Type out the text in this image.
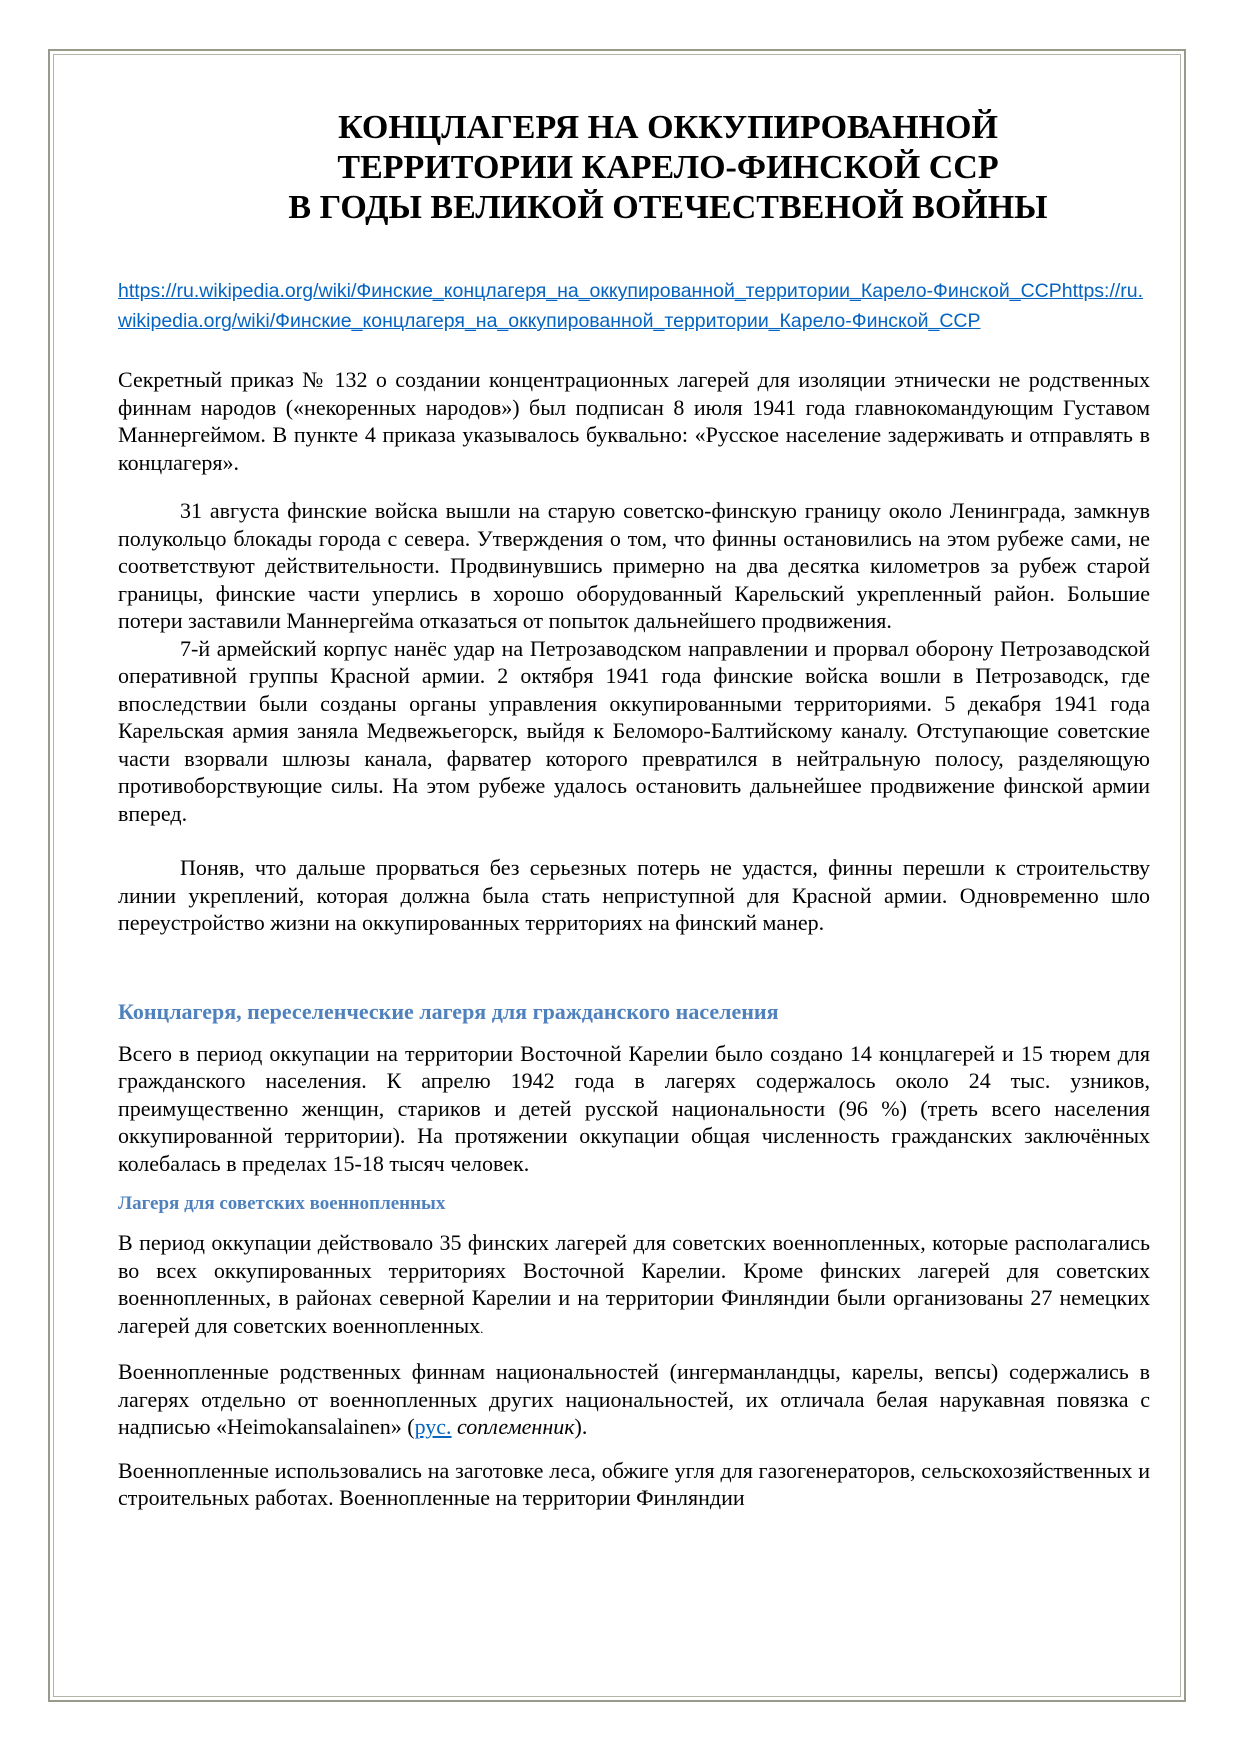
КОНЦЛАГЕРЯ НА ОККУПИРОВАННОЙ
ТЕРРИТОРИИ КАРЕЛО-ФИНСКОЙ ССР
В ГОДЫ ВЕЛИКОЙ ОТЕЧЕСТВЕНОЙ ВОЙНЫ
https://ru.wikipedia.org/wiki/Финские_концлагеря_на_оккупированной_территории_Карело-Финской_ССРhttps://ru.wikipedia.org/wiki/Финские_концлагеря_на_оккупированной_территории_Карело-Финской_ССР

Секретный приказ № 132 о создании концентрационных лагерей для изоляции этнически не родственных финнам народов («некоренных народов») был подписан 8 июля 1941 года главнокомандующим Густавом Маннергеймом. В пункте 4 приказа указывалось буквально: «Русское население задерживать и отправлять в концлагеря».

31 августа финские войска вышли на старую советско-финскую границу около Ленинграда, замкнув полукольцо блокады города с севера. Утверждения о том, что финны остановились на этом рубеже сами, не соответствуют действительности. Продвинувшись примерно на два десятка километров за рубеж старой границы, финские части уперлись в хорошо оборудованный Карельский укрепленный район. Большие потери заставили Маннергейма отказаться от попыток дальнейшего продвижения.

7-й армейский корпус нанёс удар на Петрозаводском направлении и прорвал оборону Петрозаводской оперативной группы Красной армии. 2 октября 1941 года финские войска вошли в Петрозаводск, где впоследствии были созданы органы управления оккупированными территориями. 5 декабря 1941 года Карельская армия заняла Медвежьегорск, выйдя к Беломоро-Балтийскому каналу. Отступающие советские части взорвали шлюзы канала, фарватер которого превратился в нейтральную полосу, разделяющую противоборствующие силы. На этом рубеже удалось остановить дальнейшее продвижение финской армии вперед.

Поняв, что дальше прорваться без серьезных потерь не удастся, финны перешли к строительству линии укреплений, которая должна была стать неприступной для Красной армии. Одновременно шло переустройство жизни на оккупированных территориях на финский манер.

Концлагеря, переселенческие лагеря для гражданского населения

Всего в период оккупации на территории Восточной Карелии было создано 14 концлагерей и 15 тюрем для гражданского населения. К апрелю 1942 года в лагерях содержалось около 24 тыс. узников, преимущественно женщин, стариков и детей русской национальности (96 %) (треть всего населения оккупированной территории). На протяжении оккупации общая численность гражданских заключённых колебалась в пределах 15-18 тысяч человек.

Лагеря для советских военнопленных

В период оккупации действовало 35 финских лагерей для советских военнопленных, которые располагались во всех оккупированных территориях Восточной Карелии. Кроме финских лагерей для советских военнопленных, в районах северной Карелии и на территории Финляндии были организованы 27 немецких лагерей для советских военнопленных.

Военнопленные родственных финнам национальностей (ингерманландцы, карелы, вепсы) содержались в лагерях отдельно от военнопленных других национальностей, их отличала белая нарукавная повязка с надписью «Heimokansalainen» (рус. соплеменник).

Военнопленные использовались на заготовке леса, обжиге угля для газогенераторов, сельскохозяйственных и строительных работах. Военнопленные на территории Финляндии
